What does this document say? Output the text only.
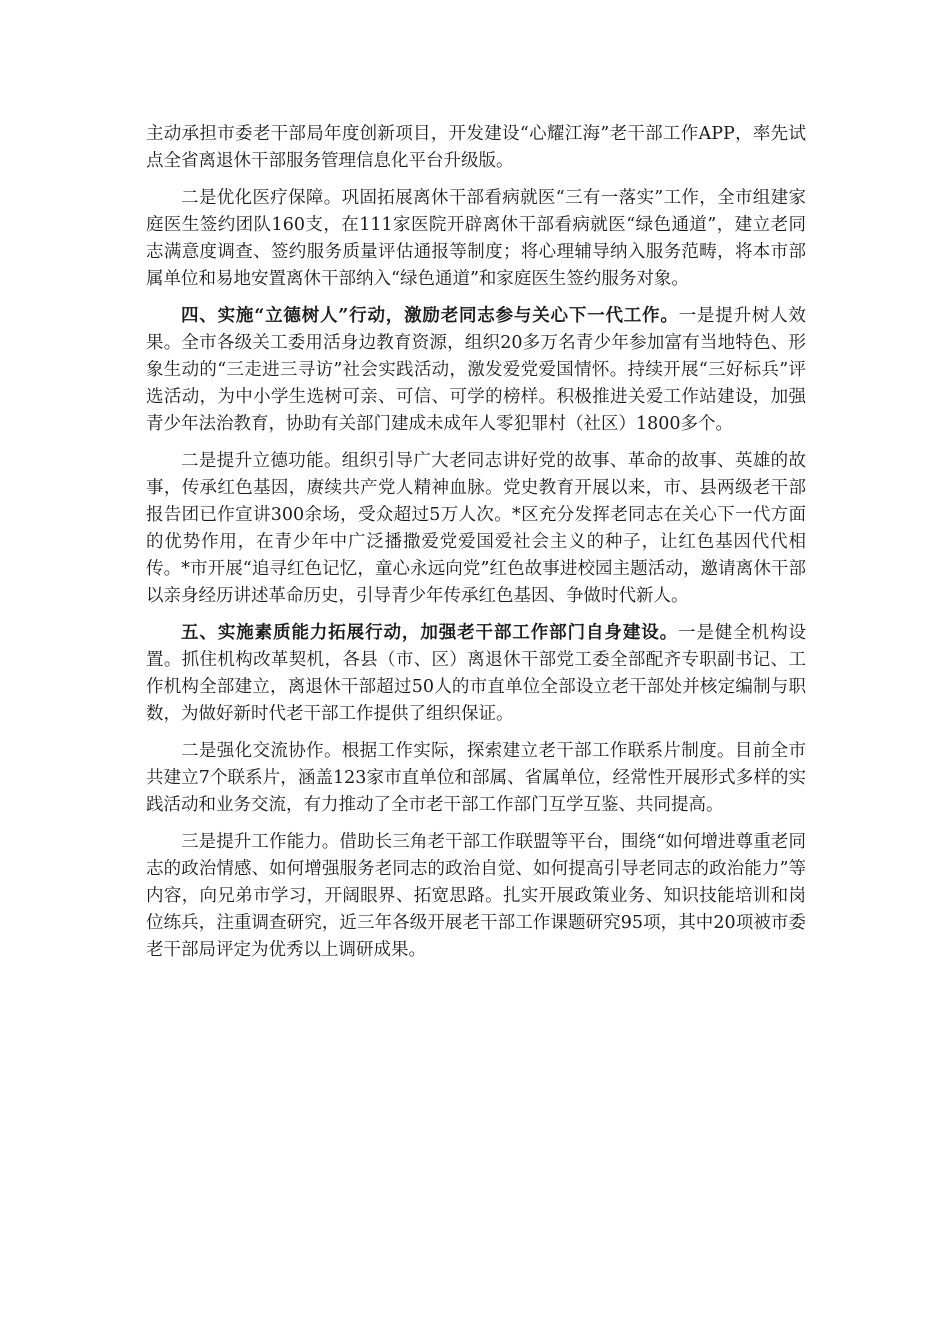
主动承担市委老干部局年度创新项目，开发建设“心耀江海”老干部工作APP，率先试点全省离退休干部服务管理信息化平台升级版。

二是优化医疗保障。巩固拓展离休干部看病就医“三有一落实”工作，全市组建家庭医生签约团队160支，在111家医院开辟离休干部看病就医“绿色通道”，建立老同志满意度调查、签约服务质量评估通报等制度；将心理辅导纳入服务范畴，将本市部属单位和易地安置离休干部纳入“绿色通道”和家庭医生签约服务对象。

四、实施“立德树人”行动，激励老同志参与关心下一代工作。一是提升树人效果。全市各级关工委用活身边教育资源，组织20多万名青少年参加富有当地特色、形象生动的“三走进三寻访”社会实践活动，激发爱党爱国情怀。持续开展“三好标兵”评选活动，为中小学生选树可亲、可信、可学的榜样。积极推进关爱工作站建设，加强青少年法治教育，协助有关部门建成未成年人零犯罪村（社区）1800多个。

二是提升立德功能。组织引导广大老同志讲好党的故事、革命的故事、英雄的故事，传承红色基因，赓续共产党人精神血脉。党史教育开展以来，市、县两级老干部报告团已作宣讲300余场，受众超过5万人次。*区充分发挥老同志在关心下一代方面的优势作用，在青少年中广泛播撒爱党爱国爱社会主义的种子，让红色基因代代相传。*市开展“追寻红色记忆，童心永远向党”红色故事进校园主题活动，邀请离休干部以亲身经历讲述革命历史，引导青少年传承红色基因、争做时代新人。

五、实施素质能力拓展行动，加强老干部工作部门自身建设。一是健全机构设置。抓住机构改革契机，各县（市、区）离退休干部党工委全部配齐专职副书记、工作机构全部建立，离退休干部超过50人的市直单位全部设立老干部处并核定编制与职数，为做好新时代老干部工作提供了组织保证。

二是强化交流协作。根据工作实际，探索建立老干部工作联系片制度。目前全市共建立7个联系片，涵盖123家市直单位和部属、省属单位，经常性开展形式多样的实践活动和业务交流，有力推动了全市老干部工作部门互学互鉴、共同提高。

三是提升工作能力。借助长三角老干部工作联盟等平台，围绕“如何增进尊重老同志的政治情感、如何增强服务老同志的政治自觉、如何提高引导老同志的政治能力”等内容，向兄弟市学习，开阔眼界、拓宽思路。扎实开展政策业务、知识技能培训和岗位练兵，注重调查研究，近三年各级开展老干部工作课题研究95项，其中20项被市委老干部局评定为优秀以上调研成果。
